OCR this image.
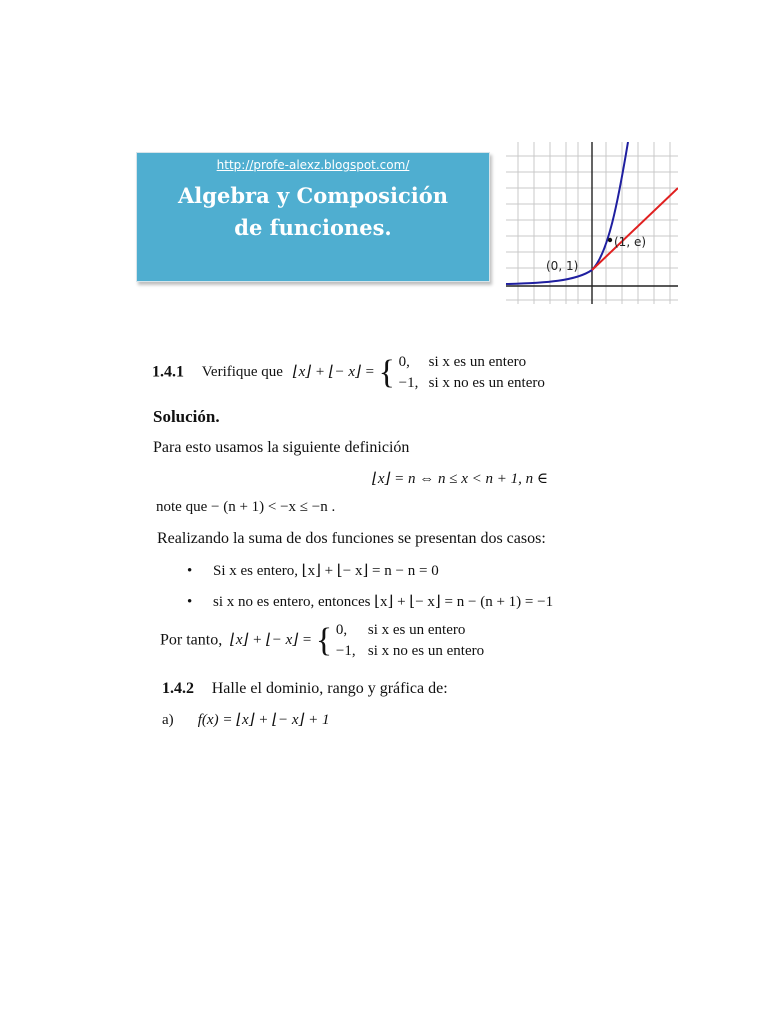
http://profe-alexz.blogspot.com/
Algebra y Composición
de funciones.
(0, 1)
(1, e)
1.4.1 Verifique que ⌊x⌋ + ⌊− x⌋ = { 0, si x es un entero
−1, si x no es un entero
Solución.
Para esto usamos la siguiente definición
⌊x⌋ = n ⇔ n ≤ x < n + 1, n ∈
note que − (n + 1) < −x ≤ −n .
Realizando la suma de dos funciones se presentan dos casos:
• Si x es entero, ⌊x⌋ + ⌊− x⌋ = n − n = 0
• si x no es entero, entonces ⌊x⌋ + ⌊− x⌋ = n − (n + 1) = −1
Por tanto, ⌊x⌋ + ⌊− x⌋ = { 0, si x es un entero
−1, si x no es un entero
1.4.2 Halle el dominio, rango y gráfica de:
a) f(x) = ⌊x⌋ + ⌊− x⌋ + 1
